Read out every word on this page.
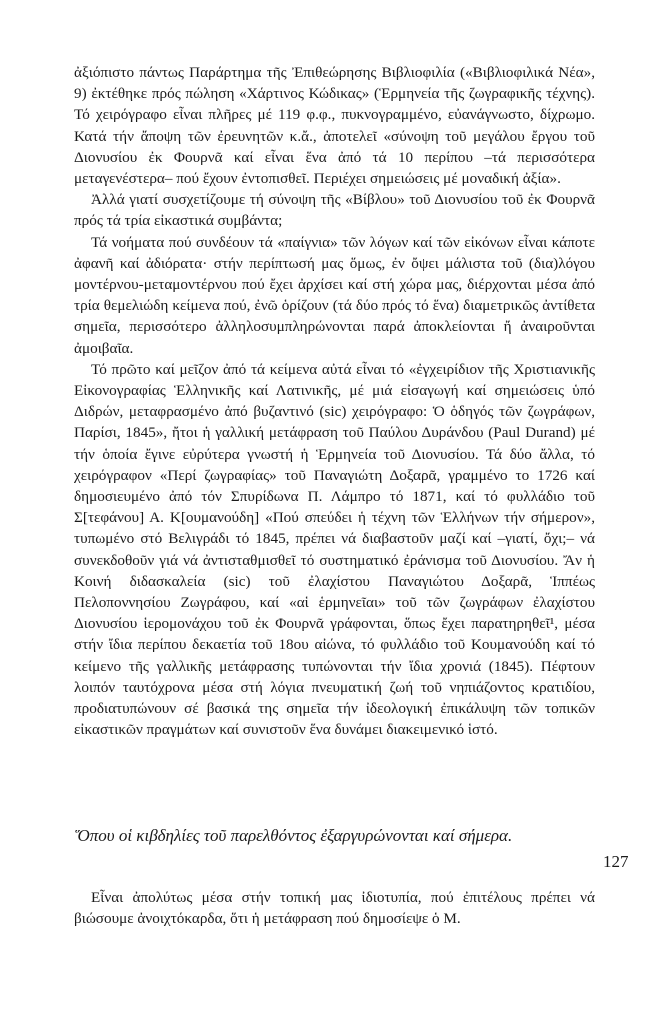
ἀξιόπιστο πάντως Παράρτημα τῆς Ἐπιθεώρησης Βιβλιοφιλία («Βιβλιοφιλικά Νέα», 9) ἐκτέθηκε πρός πώληση «Χάρτινος Κώδικας» (Ἑρμηνεία τῆς ζωγραφικῆς τέχνης). Τό χειρόγραφο εἶναι πλῆρες μέ 119 φ.φ., πυκνογραμμένο, εὐανάγνωστο, δίχρωμο. Κατά τήν ἄποψη τῶν ἐρευνητῶν κ.ἄ., ἀποτελεῖ «σύνοψη τοῦ μεγάλου ἔργου τοῦ Διονυσίου ἐκ Φουρνᾶ καί εἶναι ἕνα ἀπό τά 10 περίπου –τά περισσότερα μεταγενέστερα– πού ἔχουν ἐντοπισθεῖ. Περιέχει σημειώσεις μέ μοναδική ἀξία».

Ἀλλά γιατί συσχετίζουμε τή σύνοψη τῆς «Βίβλου» τοῦ Διονυσίου τοῦ ἐκ Φουρνᾶ πρός τά τρία εἰκαστικά συμβάντα;

Τά νοήματα πού συνδέουν τά «παίγνια» τῶν λόγων καί τῶν εἰκόνων εἶναι κάποτε ἀφανῆ καί ἀδιόρατα· στήν περίπτωσή μας ὅμως, ἐν ὄψει μάλιστα τοῦ (δια)λόγου μοντέρνου-μεταμοντέρνου πού ἔχει ἀρχίσει καί στή χώρα μας, διέρχονται μέσα ἀπό τρία θεμελιώδη κείμενα πού, ἐνῶ ὁρίζουν (τά δύο πρός τό ἕνα) διαμετρικῶς ἀντίθετα σημεῖα, περισσότερο ἀλληλοσυμπληρώνονται παρά ἀποκλείονται ἤ ἀναιροῦνται ἀμοιβαῖα.

Τό πρῶτο καί μεῖζον ἀπό τά κείμενα αὐτά εἶναι τό «ἐγχειρίδιον τῆς Χριστιανικῆς Εἰκονογραφίας Ἑλληνικῆς καί Λατινικῆς, μέ μιά εἰσαγωγή καί σημειώσεις ὑπό Διδρών, μεταφρασμένο ἀπό βυζαντινό (sic) χειρόγραφο: Ὁ ὁδηγός τῶν ζωγράφων, Παρίσι, 1845», ἤτοι ἡ γαλλική μετάφραση τοῦ Παύλου Δυράνδου (Paul Durand) μέ τήν ὁποία ἔγινε εὐρύτερα γνωστή ἡ Ἑρμηνεία τοῦ Διονυσίου. Τά δύο ἄλλα, τό χειρόγραφον «Περί ζωγραφίας» τοῦ Παναγιώτη Δοξαρᾶ, γραμμένο το 1726 καί δημοσιευμένο ἀπό τόν Σπυρίδωνα Π. Λάμπρο τό 1871, καί τό φυλλάδιο τοῦ Σ[τεφάνου] Α. Κ[ουμανούδη] «Πού σπεύδει ἡ τέχνη τῶν Ἑλλήνων τήν σήμερον», τυπωμένο στό Βελιγράδι τό 1845, πρέπει νά διαβαστοῦν μαζί καί –γιατί, ὄχι;– νά συνεκδοθοῦν γιά νά ἀντισταθμισθεῖ τό συστηματικό ἐράνισμα τοῦ Διονυσίου. Ἄν ἡ Κοινή διδασκαλεία (sic) τοῦ ἐλαχίστου Παναγιώτου Δοξαρᾶ, Ἱππέως Πελοποννησίου Ζωγράφου, καί «αἱ ἑρμηνεῖαι» τοῦ τῶν ζωγράφων ἐλαχίστου Διονυσίου ἱερομονάχου τοῦ ἐκ Φουρνᾶ γράφονται, ὅπως ἔχει παρατηρηθεῖ¹, μέσα στήν ἴδια περίπου δεκαετία τοῦ 18ου αἰώνα, τό φυλλάδιο τοῦ Κουμανούδη καί τό κείμενο τῆς γαλλικῆς μετάφρασης τυπώνονται τήν ἴδια χρονιά (1845). Πέφτουν λοιπόν ταυτόχρονα μέσα στή λόγια πνευματική ζωή τοῦ νηπιάζοντος κρατιδίου, προδιατυπώνουν σέ βασικά της σημεῖα τήν ἰδεολογική ἐπικάλυψη τῶν τοπικῶν εἰκαστικῶν πραγμάτων καί συνιστοῦν ἕνα δυνάμει διακειμενικό ἱστό.

Ὅπου οἱ κιβδηλίες τοῦ παρελθόντος ἐξαργυρώνονται καί σήμερα.
127
Εἶναι ἀπολύτως μέσα στήν τοπική μας ἰδιοτυπία, πού ἐπιτέλους πρέπει νά βιώσουμε ἀνοιχτόκαρδα, ὅτι ἡ μετάφραση πού δημοσίεψε ὁ Μ.
